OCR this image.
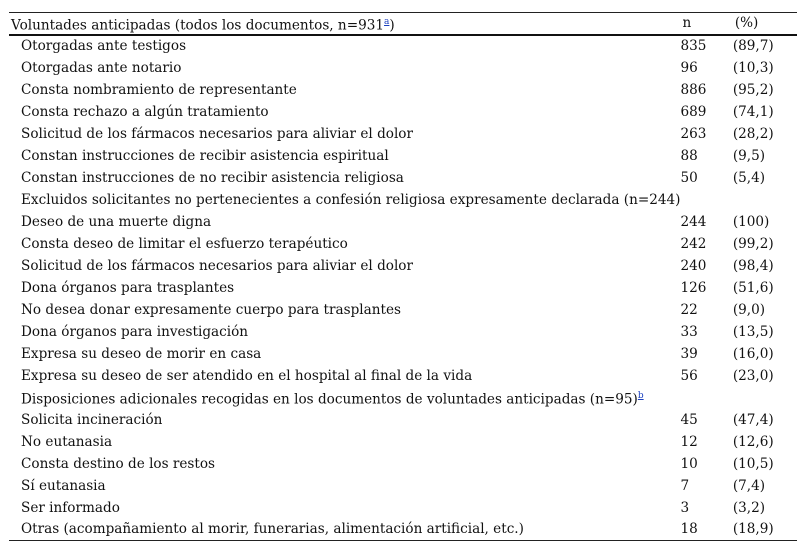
Voluntades anticipadas (todos los documentos, n=931$^a$)	n	(%)
Otorgadas ante testigos	835	(89,7)
Otorgadas ante notario	96	(10,3)
Consta nombramiento de representante	886	(95,2)
Consta rechazo a algún tratamiento	689	(74,1)
Solicitud de los fármacos necesarios para aliviar el dolor	263	(28,2)
Constan instrucciones de recibir asistencia espiritual	88	(9,5)
Constan instrucciones de no recibir asistencia religiosa	50	(5,4)
Excluidos solicitantes no pertenecientes a confesión religiosa expresamente declarada (n=244)		
Deseo de una muerte digna	244	(100)
Consta deseo de limitar el esfuerzo terapéutico	242	(99,2)
Solicitud de los fármacos necesarios para aliviar el dolor	240	(98,4)
Dona órganos para trasplantes	126	(51,6)
No desea donar expresamente cuerpo para trasplantes	22	(9,0)
Dona órganos para investigación	33	(13,5)
Expresa su deseo de morir en casa	39	(16,0)
Expresa su deseo de ser atendido en el hospital al final de la vida	56	(23,0)
Disposiciones adicionales recogidas en los documentos de voluntades anticipadas (n=95)$^b$		
Solicita incineración	45	(47,4)
No eutanasia	12	(12,6)
Consta destino de los restos	10	(10,5)
Sí eutanasia	7	(7,4)
Ser informado	3	(3,2)
Otras (acompañamiento al morir, funerarias, alimentación artificial, etc.)	18	(18,9)
